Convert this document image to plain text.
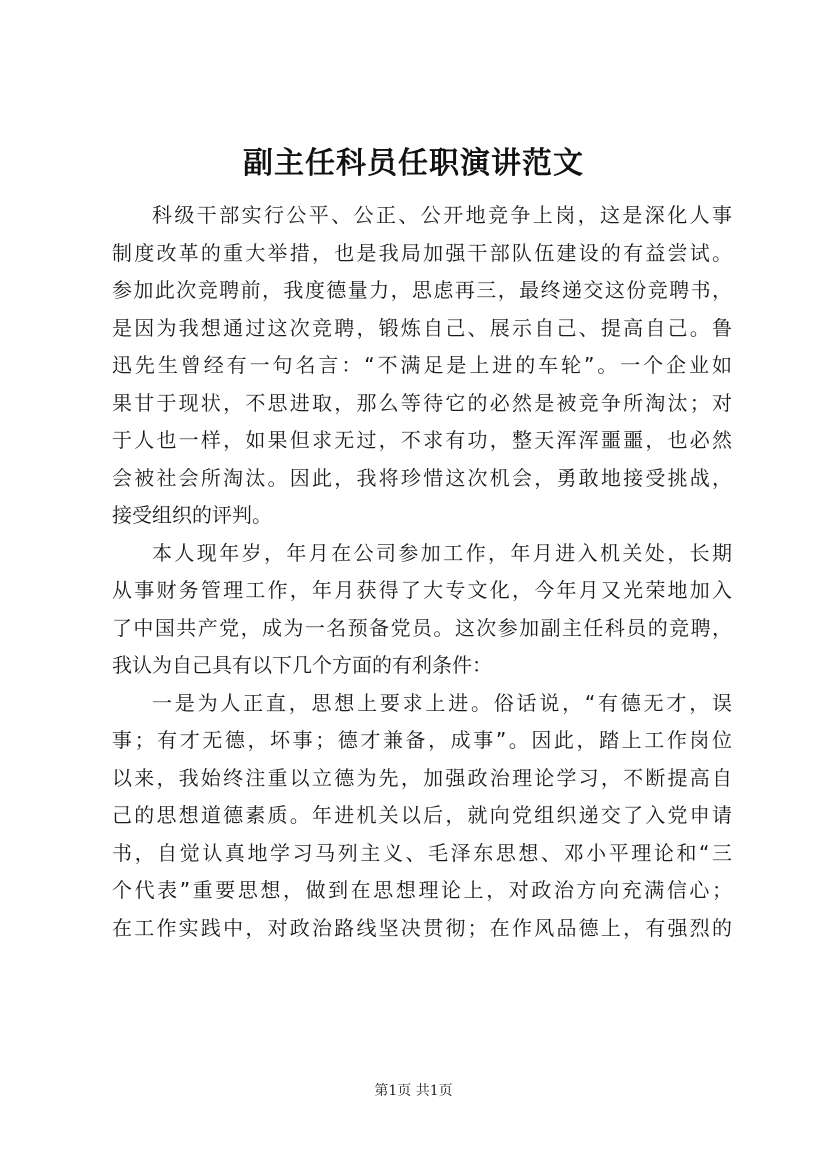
副主任科员任职演讲范文
科级干部实行公平、公正、公开地竞争上岗，这是深化人事
制度改革的重大举措，也是我局加强干部队伍建设的有益尝试。
参加此次竞聘前，我度德量力，思虑再三，最终递交这份竞聘书，
是因为我想通过这次竞聘，锻炼自己、展示自己、提高自己。鲁
迅先生曾经有一句名言：“不满足是上进的车轮”。一个企业如
果甘于现状，不思进取，那么等待它的必然是被竞争所淘汰；对
于人也一样，如果但求无过，不求有功，整天浑浑噩噩，也必然
会被社会所淘汰。因此，我将珍惜这次机会，勇敢地接受挑战，
接受组织的评判。
本人现年岁，年月在公司参加工作，年月进入机关处，长期
从事财务管理工作，年月获得了大专文化，今年月又光荣地加入
了中国共产党，成为一名预备党员。这次参加副主任科员的竞聘，
我认为自己具有以下几个方面的有利条件：
一是为人正直，思想上要求上进。俗话说，“有德无才，误
事；有才无德，坏事；德才兼备，成事”。因此，踏上工作岗位
以来，我始终注重以立德为先，加强政治理论学习，不断提高自
己的思想道德素质。年进机关以后，就向党组织递交了入党申请
书，自觉认真地学习马列主义、毛泽东思想、邓小平理论和“三
个代表”重要思想，做到在思想理论上，对政治方向充满信心；
在工作实践中，对政治路线坚决贯彻；在作风品德上，有强烈的
第1页 共1页
